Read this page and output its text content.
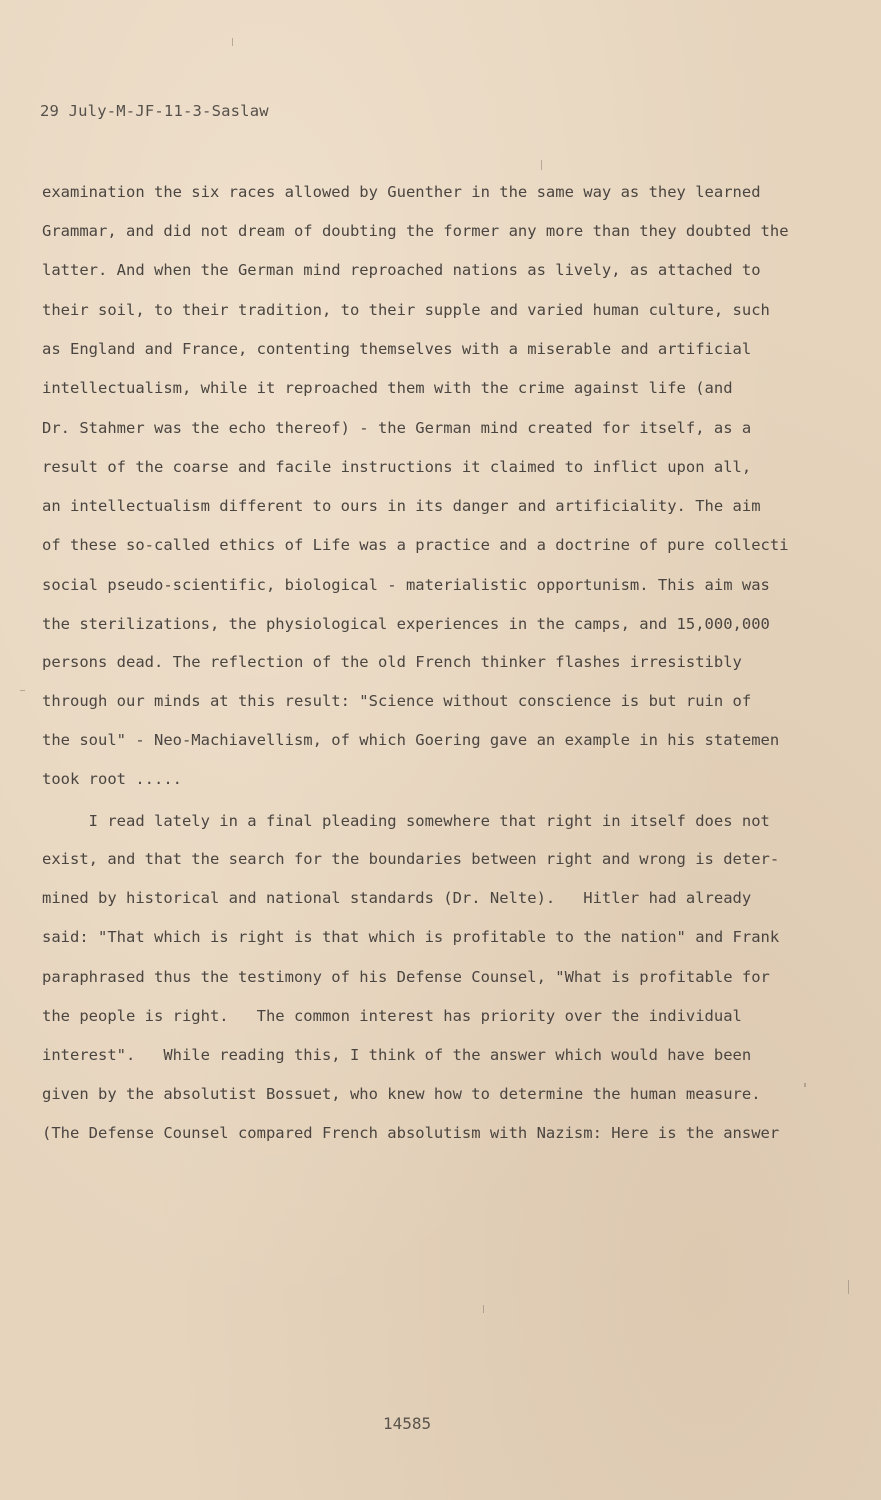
29 July-M-JF-11-3-Saslaw
examination the six races allowed by Guenther in the same way as they learned
Grammar, and did not dream of doubting the former any more than they doubted the
latter. And when the German mind reproached nations as lively, as attached to
their soil, to their tradition, to their supple and varied human culture, such
as England and France, contenting themselves with a miserable and artificial
intellectualism, while it reproached them with the crime against life (and
Dr. Stahmer was the echo thereof) - the German mind created for itself, as a
result of the coarse and facile instructions it claimed to inflict upon all,
an intellectualism different to ours in its danger and artificiality. The aim
of these so-called ethics of Life was a practice and a doctrine of pure collecti
social pseudo-scientific, biological - materialistic opportunism. This aim was
the sterilizations, the physiological experiences in the camps, and 15,000,000
persons dead. The reflection of the old French thinker flashes irresistibly
through our minds at this result: "Science without conscience is but ruin of
the soul" - Neo-Machiavellism, of which Goering gave an example in his statemen
took root .....
I read lately in a final pleading somewhere that right in itself does not
exist, and that the search for the boundaries between right and wrong is deter-
mined by historical and national standards (Dr. Nelte).   Hitler had already
said: "That which is right is that which is profitable to the nation" and Frank
paraphrased thus the testimony of his Defense Counsel, "What is profitable for
the people is right.   The common interest has priority over the individual
interest".   While reading this, I think of the answer which would have been
given by the absolutist Bossuet, who knew how to determine the human measure.
(The Defense Counsel compared French absolutism with Nazism: Here is the answer
14585
